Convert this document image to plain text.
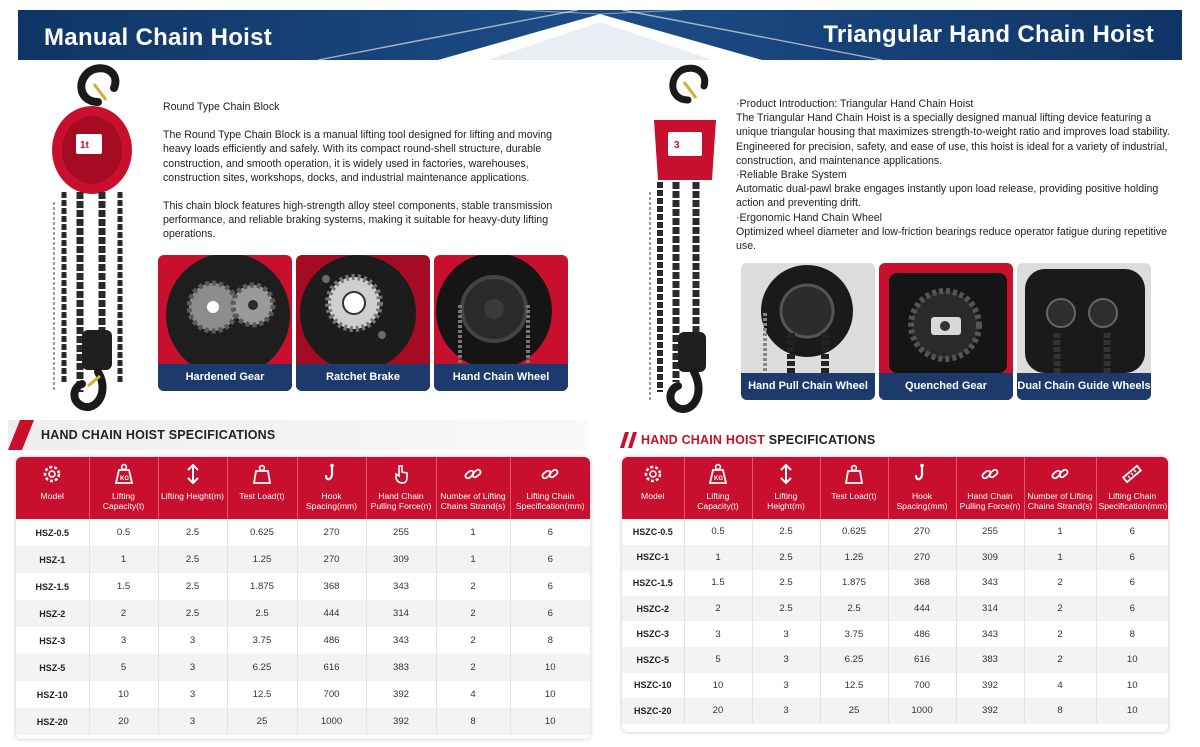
Manual Chain Hoist	Triangular Hand Chain Hoist
1t

Round Type Chain Block

The Round Type Chain Block is a manual lifting tool designed for lifting and moving heavy loads efficiently and safely. With its compact round-shell structure, durable construction, and smooth operation, it is widely used in factories, warehouses, construction sites, workshops, docks, and industrial maintenance applications.

This chain block features high-strength alloy steel components, stable transmission performance, and reliable braking systems, making it suitable for heavy-duty lifting operations.

Hardened Gear	Ratchet Brake	Hand Chain Wheel
3

·Product Introduction: Triangular Hand Chain Hoist

The Triangular Hand Chain Hoist is a specially designed manual lifting device featuring a unique triangular housing that maximizes strength-to-weight ratio and improves load stability. Engineered for precision, safety, and ease of use, this hoist is ideal for a variety of industrial, construction, and maintenance applications.

·Reliable Brake System

Automatic dual-pawl brake engages instantly upon load release, providing positive holding action and preventing drift.

·Ergonomic Hand Chain Wheel

Optimized wheel diameter and low-friction bearings reduce operator fatigue during repetitive use.

Hand Pull Chain Wheel	Quenched Gear	Dual Chain Guide Wheels
HAND CHAIN HOIST SPECIFICATIONS
Model	KG
Lifting Capacity(t)	Lifting Height(m)	Test Load(t)	Hook Spacing(mm)	Hand Chain Pulling Force(n)	Number of Lifting Chains Strand(s)	Lifting Chain Specification(mm)
HSZ-0.5	0.5	2.5	0.625	270	255	1	6
HSZ-1	1	2.5	1.25	270	309	1	6
HSZ-1.5	1.5	2.5	1.875	368	343	2	6
HSZ-2	2	2.5	2.5	444	314	2	6
HSZ-3	3	3	3.75	486	343	2	8
HSZ-5	5	3	6.25	616	383	2	10
HSZ-10	10	3	12.5	700	392	4	10
HSZ-20	20	3	25	1000	392	8	10
HAND CHAIN HOIST SPECIFICATIONS
Model	KG
Lifting Capacity(t)	Lifting Height(m)	Test Load(t)	Hook Spacing(mm)	Hand Chain Pulling Force(n)	Number of Lifting Chains Strand(s)	Lifting Chain Specification(mm)
HSZC-0.5	0.5	2.5	0.625	270	255	1	6
HSZC-1	1	2.5	1.25	270	309	1	6
HSZC-1.5	1.5	2.5	1.875	368	343	2	6
HSZC-2	2	2.5	2.5	444	314	2	6
HSZC-3	3	3	3.75	486	343	2	8
HSZC-5	5	3	6.25	616	383	2	10
HSZC-10	10	3	12.5	700	392	4	10
HSZC-20	20	3	25	1000	392	8	10
